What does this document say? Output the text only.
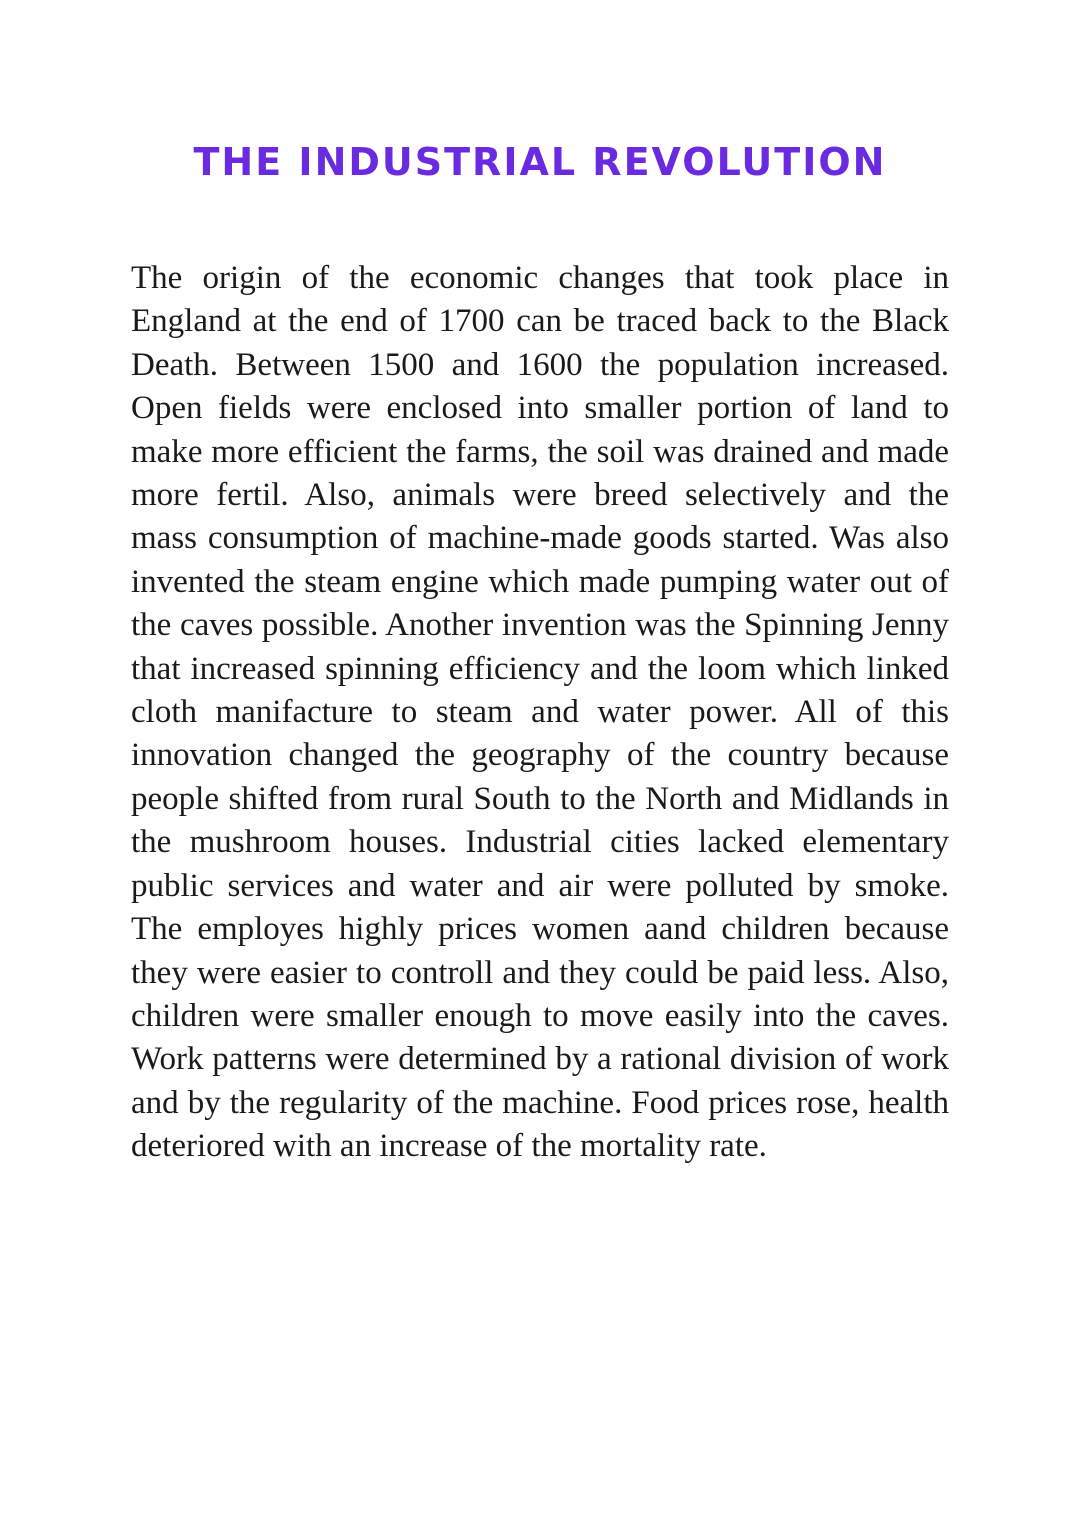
THE INDUSTRIAL REVOLUTION

The origin of the economic changes that took place in England at the end of 1700 can be traced back to the Black Death. Between 1500 and 1600 the population increased. Open fields were enclosed into smaller portion of land to make more efficient the farms, the soil was drained and made more fertil. Also, animals were breed selectively and the mass consumption of machine-made goods started. Was also invented the steam engine which made pumping water out of the caves possible. Another invention was the Spinning Jenny that increased spinning efficiency and the loom which linked cloth manifacture to steam and water power. All of this innovation changed the geography of the country because people shifted from rural South to the North and Midlands in the mushroom houses. Industrial cities lacked elementary public services and water and air were polluted by smoke. The employes highly prices women aand children because they were easier to controll and they could be paid less. Also, children were smaller enough to move easily into the caves. Work patterns were determined by a rational division of work and by the regularity of the machine. Food prices rose, health deteriored with an increase of the mortality rate.
